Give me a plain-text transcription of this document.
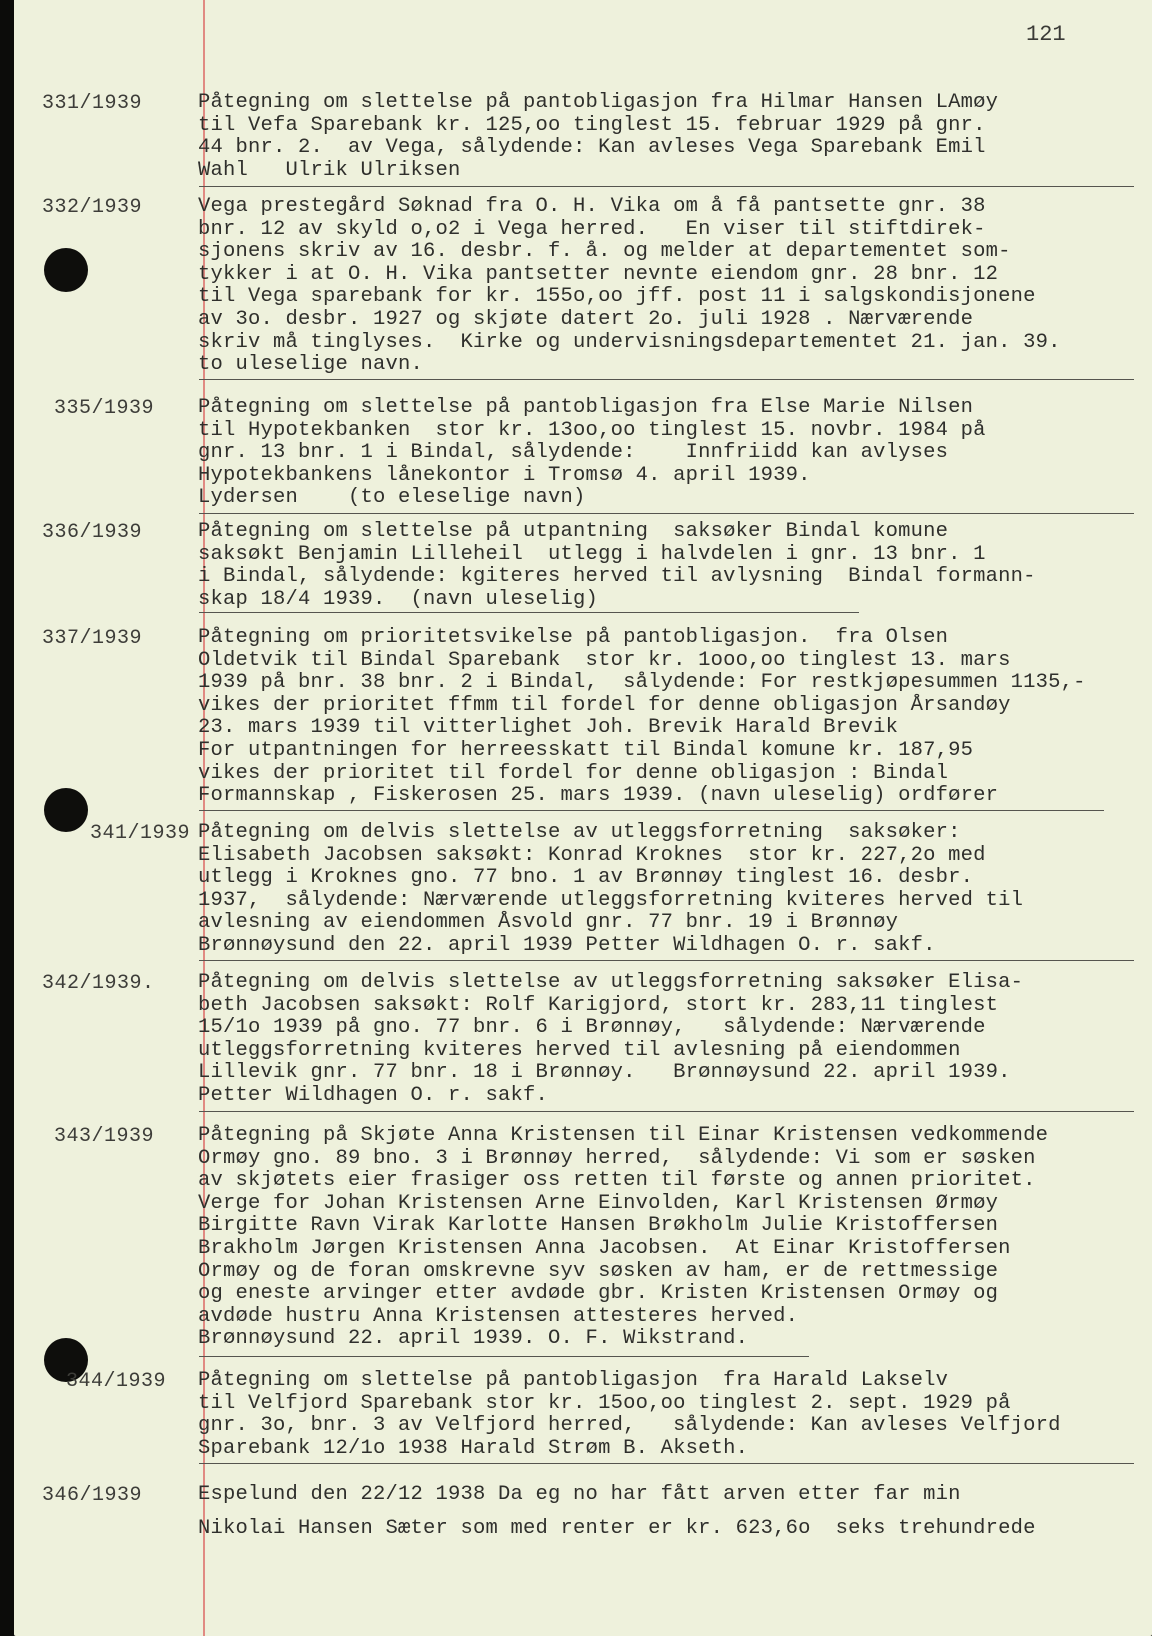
121
331/1939	Påtegning om slettelse på pantobligasjon fra Hilmar Hansen LAmøy
til Vefa Sparebank kr. 125,oo tinglest 15. februar 1929 på gnr.
44 bnr. 2.  av Vega, sålydende: Kan avleses Vega Sparebank Emil
Wahl   Ulrik Ulriksen
332/1939	Vega prestegård Søknad fra O. H. Vika om å få pantsette gnr. 38
bnr. 12 av skyld o,o2 i Vega herred.   En viser til stiftdirek-
sjonens skriv av 16. desbr. f. å. og melder at departementet som-
tykker i at O. H. Vika pantsetter nevnte eiendom gnr. 28 bnr. 12
til Vega sparebank for kr. 155o,oo jff. post 11 i salgskondisjonene
av 3o. desbr. 1927 og skjøte datert 2o. juli 1928 . Nærværende
skriv må tinglyses.  Kirke og undervisningsdepartementet 21. jan. 39.
to uleselige navn.
335/1939 Påtegning om slettelse på pantobligasjon fra Else Marie Nilsen
til Hypotekbanken  stor kr. 13oo,oo tinglest 15. novbr. 1984 på
gnr. 13 bnr. 1 i Bindal, sålydende:    Innfriidd kan avlyses
Hypotekbankens lånekontor i Tromsø 4. april 1939.
Lydersen    (to eleselige navn)
336/1939	Påtegning om slettelse på utpantning  saksøker Bindal komune
saksøkt Benjamin Lilleheil  utlegg i halvdelen i gnr. 13 bnr. 1
i Bindal, sålydende: kgiteres herved til avlysning  Bindal formann-
skap 18/4 1939.  (navn uleselig)
337/1939	Påtegning om prioritetsvikelse på pantobligasjon.  fra Olsen
Oldetvik til Bindal Sparebank  stor kr. 1ooo,oo tinglest 13. mars
1939 på bnr. 38 bnr. 2 i Bindal,  sålydende: For restkjøpesummen 1135,-
vikes der prioritet ffmm til fordel for denne obligasjon Årsandøy
23. mars 1939 til vitterlighet Joh. Brevik Harald Brevik
For utpantningen for herreesskatt til Bindal komune kr. 187,95
vikes der prioritet til fordel for denne obligasjon : Bindal
Formannskap , Fiskerosen 25. mars 1939. (navn uleselig) ordfører
341/1939 Påtegning om delvis slettelse av utleggsforretning  saksøker:
Elisabeth Jacobsen saksøkt: Konrad Kroknes  stor kr. 227,2o med
utlegg i Kroknes gno. 77 bno. 1 av Brønnøy tinglest 16. desbr.
1937,  sålydende: Nærværende utleggsforretning kviteres herved til
avlesning av eiendommen Åsvold gnr. 77 bnr. 19 i Brønnøy
Brønnøysund den 22. april 1939 Petter Wildhagen O. r. sakf.
342/1939. Påtegning om delvis slettelse av utleggsforretning saksøker Elisa-
beth Jacobsen saksøkt: Rolf Karigjord, stort kr. 283,11 tinglest
15/1o 1939 på gno. 77 bnr. 6 i Brønnøy,   sålydende: Nærværende
utleggsforretning kviteres herved til avlesning på eiendommen
Lillevik gnr. 77 bnr. 18 i Brønnøy.   Brønnøysund 22. april 1939.
Petter Wildhagen O. r. sakf.
343/1939 Påtegning på Skjøte Anna Kristensen til Einar Kristensen vedkommende
Ormøy gno. 89 bno. 3 i Brønnøy herred,  sålydende: Vi som er søsken
av skjøtets eier frasiger oss retten til første og annen prioritet.
Verge for Johan Kristensen Arne Einvolden, Karl Kristensen Ørmøy
Birgitte Ravn Virak Karlotte Hansen Brøkholm Julie Kristoffersen
Brakholm Jørgen Kristensen Anna Jacobsen.  At Einar Kristoffersen
Ormøy og de foran omskrevne syv søsken av ham, er de rettmessige
og eneste arvinger etter avdøde gbr. Kristen Kristensen Ormøy og
avdøde hustru Anna Kristensen attesteres herved.
Brønnøysund 22. april 1939. O. F. Wikstrand.
344/1939 Påtegning om slettelse på pantobligasjon  fra Harald Lakselv
til Velfjord Sparebank stor kr. 15oo,oo tinglest 2. sept. 1929 på
gnr. 3o, bnr. 3 av Velfjord herred,   sålydende: Kan avleses Velfjord
Sparebank 12/1o 1938 Harald Strøm B. Akseth.
346/1939	Espelund den 22/12 1938 Da eg no har fått arven etter far min
Nikolai Hansen Sæter som med renter er kr. 623,6o  seks trehundrede
